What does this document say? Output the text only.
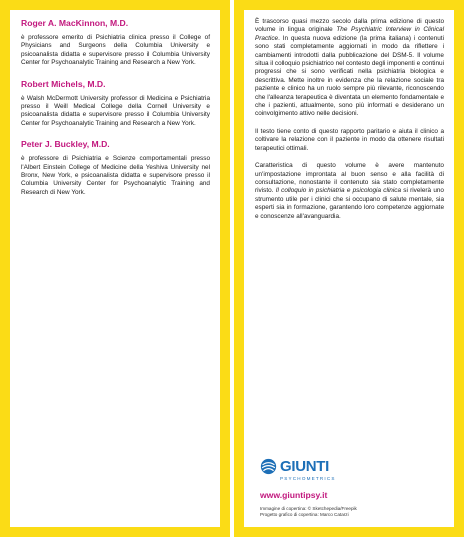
Roger A. MacKinnon, M.D.
è professore emerito di Psichiatria clinica presso il College of Physicians and Surgeons della Columbia University e psicoanalista didatta e supervisore presso il Columbia University Center for Psychoanalytic Training and Research a New York.
Robert Michels, M.D.
è Walsh McDermott University professor di Medicina e Psichiatria presso il Weill Medical College della Cornell University e psicoanalista didatta e supervisore presso il Columbia University Center for Psychoanalytic Training and Research a New York.
Peter J. Buckley, M.D.
è professore di Psichiatria e Scienze comportamentali presso l'Albert Einstein College of Medicine della Yeshiva University nel Bronx, New York, e psicoanalista didatta e supervisore presso il Columbia University Center for Psychoanalytic Training and Research di New York.

È trascorso quasi mezzo secolo dalla prima edizione di questo volume in lingua originale The Psychiatric Interview in Clinical Practice. In questa nuova edizione (la prima italiana) i contenuti sono stati completamente aggiornati in modo da riflettere i cambiamenti introdotti dalla pubblicazione del DSM-5. Il volume situa il colloquio psichiatrico nel contesto degli imponenti e continui progressi che si sono verificati nella psichiatria biologica e descrittiva. Mette inoltre in evidenza che la relazione sociale tra paziente e clinico ha un ruolo sempre più rilevante, riconoscendo che l'alleanza terapeutica è diventata un elemento fondamentale e che i pazienti, attualmente, sono più informati e desiderano un coinvolgimento attivo nelle decisioni.

Il testo tiene conto di questo rapporto paritario e aiuta il clinico a coltivare la relazione con il paziente in modo da ottenere risultati terapeutici ottimali.

Caratteristica di questo volume è avere mantenuto un'impostazione improntata al buon senso e alla facilità di consultazione, nonostante il contenuto sia stato completamente rivisto. Il colloquio in psichiatria e psicologia clinica si rivelerà uno strumento utile per i clinici che si occupano di salute mentale, sia esperti sia in formazione, garantendo loro competenze aggiornate e conoscenze all'avanguardia.

GIUNTI
PSYCHOMETRICS
www.giuntipsy.it
Immagine di copertina: © Sketchepedia/Freepik
Progetto grafico di copertina: Marco Catarzi
